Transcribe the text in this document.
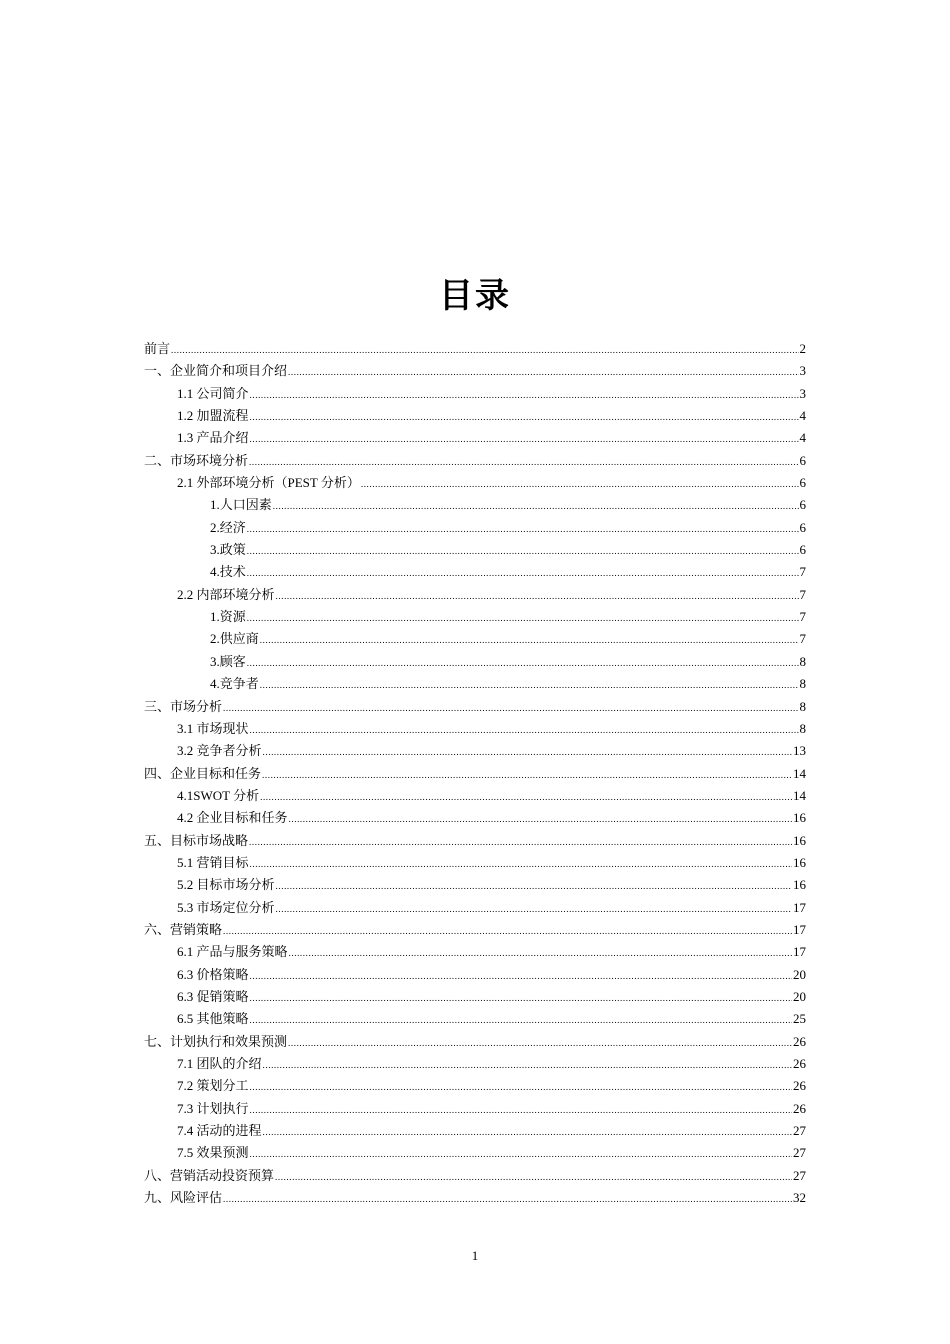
目录
前言 .....	2
一、企业简介和项目介绍 .....	3
1.1 公司简介 .....	3
1.2 加盟流程 .....	4
1.3 产品介绍 .....	4
二、市场环境分析 .....	6
2.1 外部环境分析（PEST 分析） .....	6
1.人口因素 .....	6
2.经济 .....	6
3.政策 .....	6
4.技术 .....	7
2.2 内部环境分析 .....	7
1.资源 .....	7
2.供应商 .....	7
3.顾客 .....	8
4.竞争者 .....	8
三、市场分析 .....	8
3.1 市场现状 .....	8
3.2 竞争者分析 .....	13
四、企业目标和任务 .....	14
4.1SWOT 分析 .....	14
4.2 企业目标和任务 .....	16
五、目标市场战略 .....	16
5.1 营销目标 .....	16
5.2 目标市场分析 .....	16
5.3 市场定位分析 .....	17
六、营销策略 .....	17
6.1 产品与服务策略 .....	17
6.3 价格策略 .....	20
6.3 促销策略 .....	20
6.5 其他策略 .....	25
七、计划执行和效果预测 .....	26
7.1 团队的介绍 .....	26
7.2 策划分工 .....	26
7.3 计划执行 .....	26
7.4 活动的进程 .....	27
7.5 效果预测 .....	27
八、营销活动投资预算 .....	27
九、风险评估 .....	32
1
